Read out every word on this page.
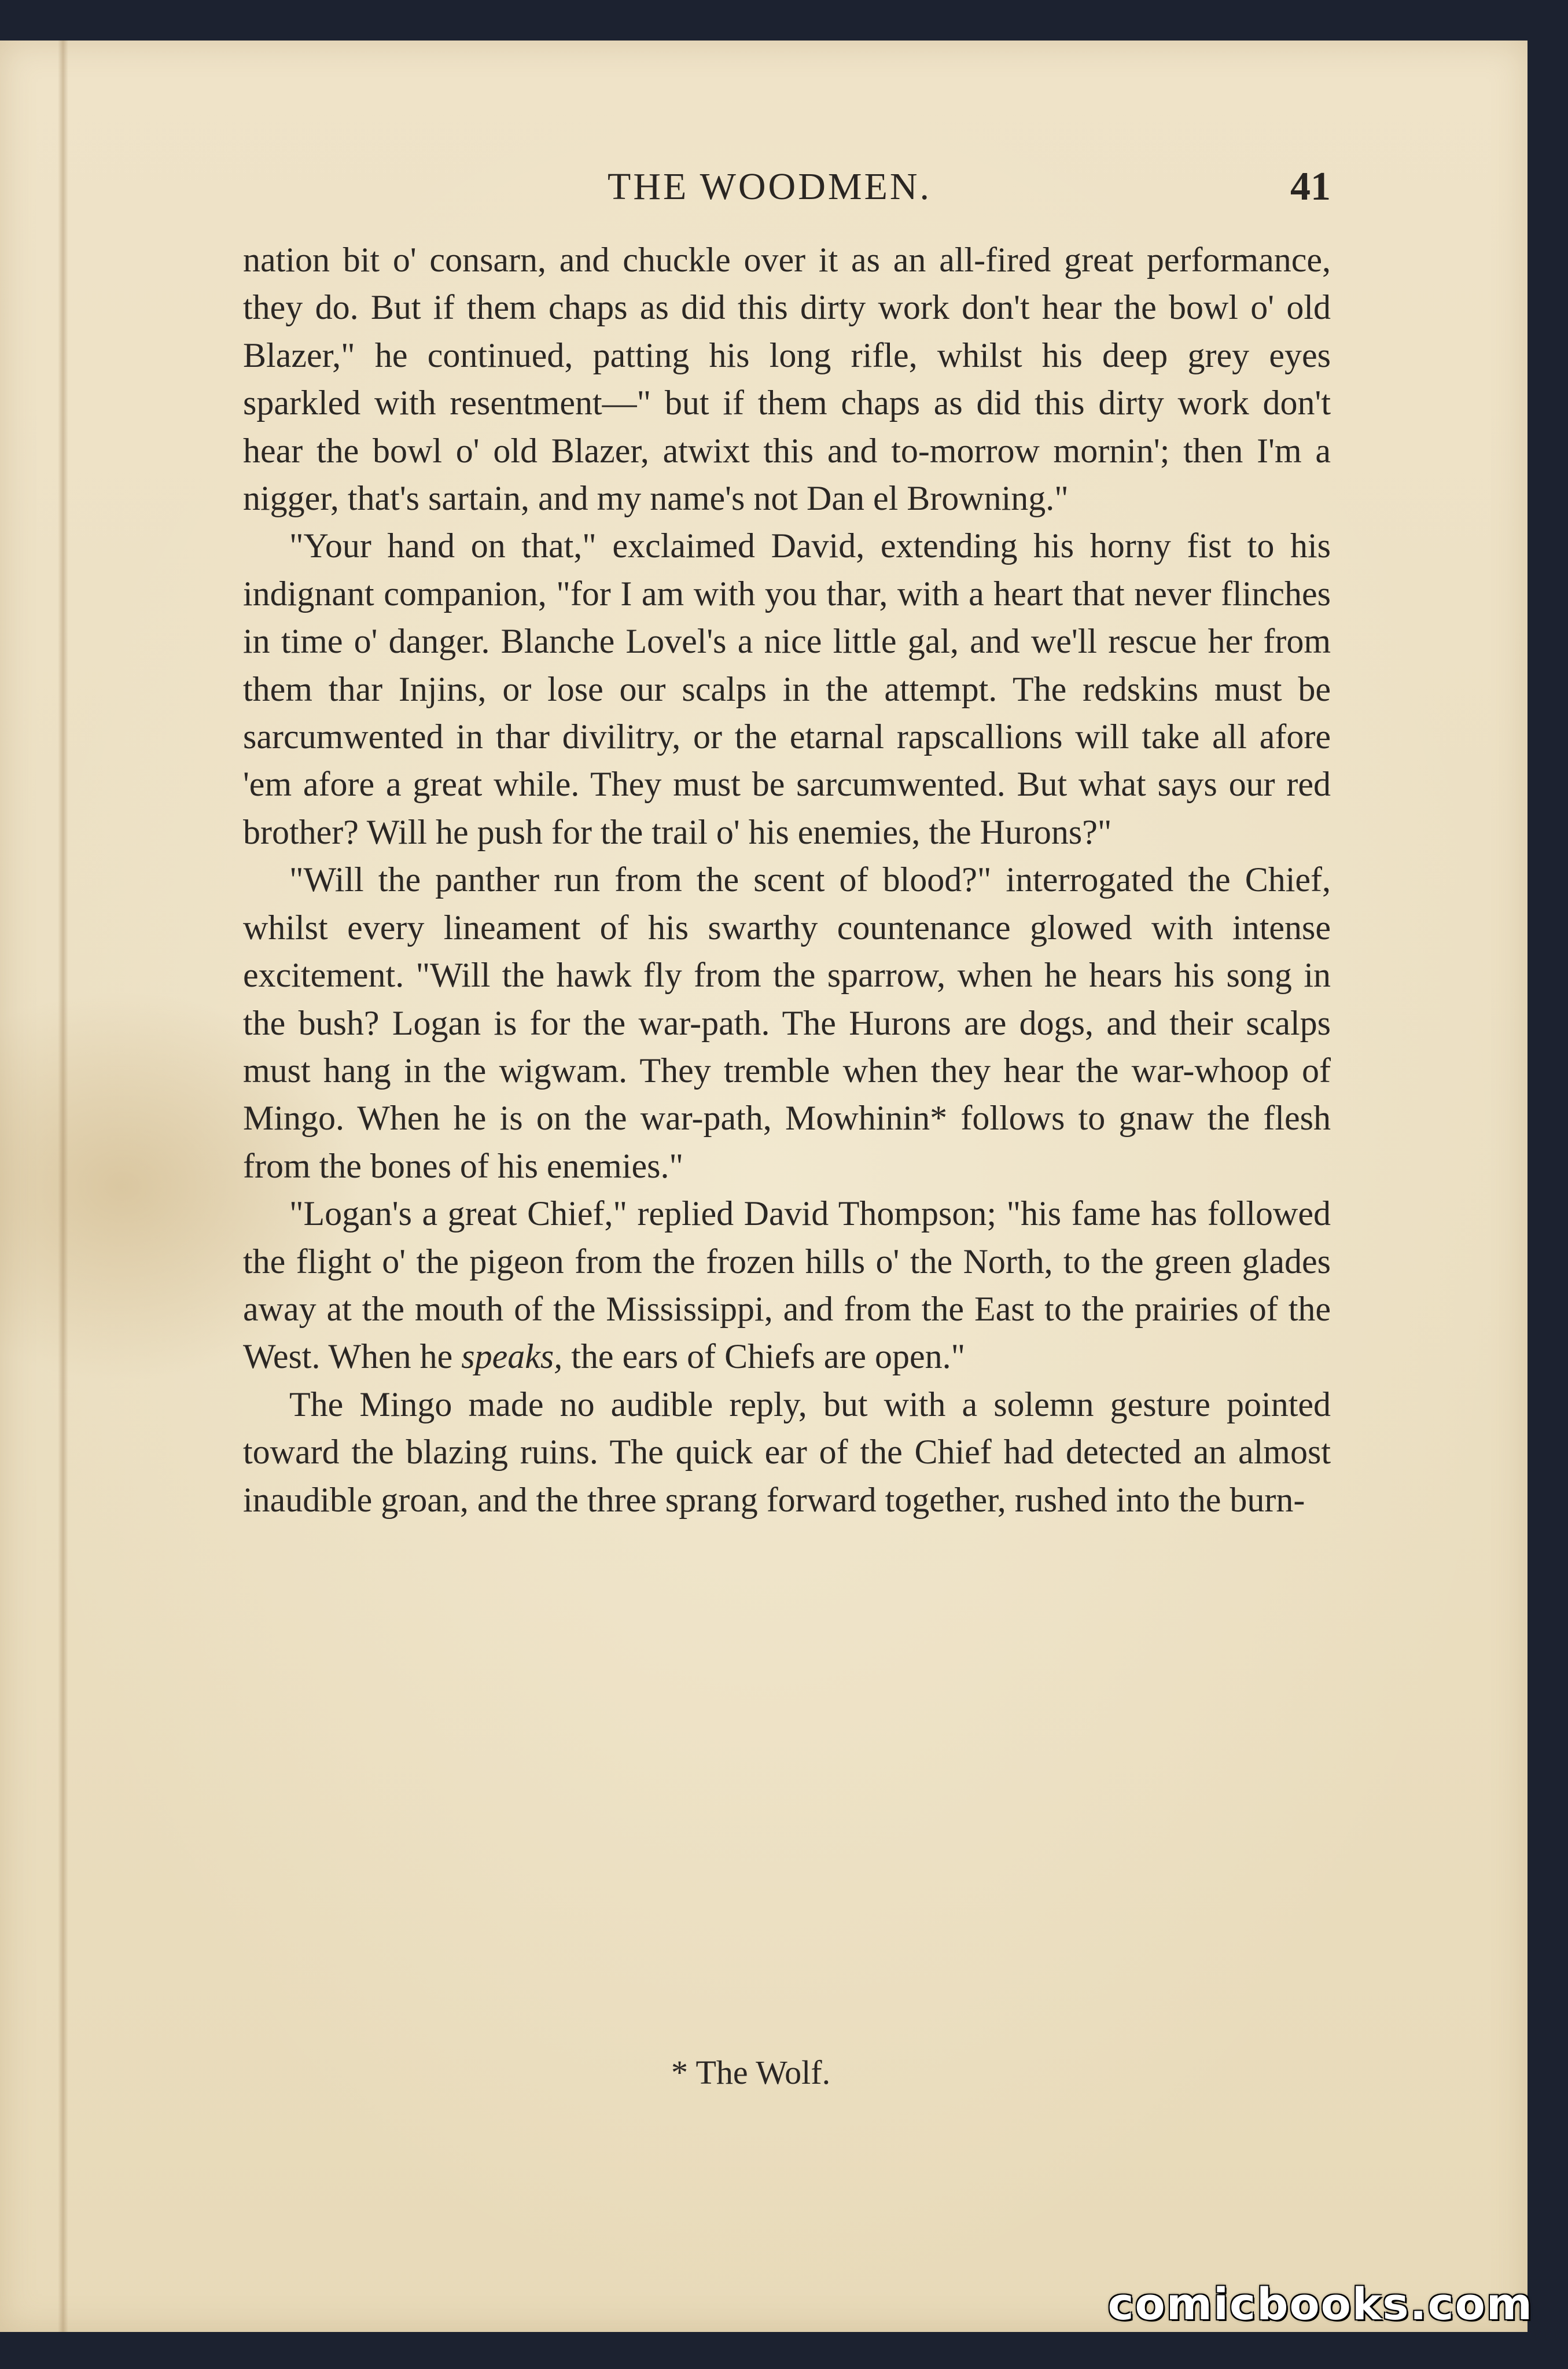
THE WOODMEN.	41

nation bit o' consarn, and chuckle over it as an all-fired great performance, they do. But if them chaps as did this dirty work don't hear the bowl o' old Blazer," he continued, patting his long rifle, whilst his deep grey eyes sparkled with resentment—" but if them chaps as did this dirty work don't hear the bowl o' old Blazer, atwixt this and to-morrow mornin'; then I'm a nigger, that's sartain, and my name's not Dan el Browning."

"Your hand on that," exclaimed David, extending his horny fist to his indignant companion, "for I am with you thar, with a heart that never flinches in time o' danger. Blanche Lovel's a nice little gal, and we'll rescue her from them thar Injins, or lose our scalps in the attempt. The redskins must be sarcumwented in thar divilitry, or the etarnal rapscallions will take all afore 'em afore a great while. They must be sarcumwented. But what says our red brother? Will he push for the trail o' his enemies, the Hurons?"

"Will the panther run from the scent of blood?" interrogated the Chief, whilst every lineament of his swarthy countenance glowed with intense excitement. "Will the hawk fly from the sparrow, when he hears his song in the bush? Logan is for the war-path. The Hurons are dogs, and their scalps must hang in the wigwam. They tremble when they hear the war-whoop of Mingo. When he is on the war-path, Mowhinin* follows to gnaw the flesh from the bones of his enemies."

"Logan's a great Chief," replied David Thompson; "his fame has followed the flight o' the pigeon from the frozen hills o' the North, to the green glades away at the mouth of the Mississippi, and from the East to the prairies of the West. When he speaks, the ears of Chiefs are open."

The Mingo made no audible reply, but with a solemn gesture pointed toward the blazing ruins. The quick ear of the Chief had detected an almost inaudible groan, and the three sprang forward together, rushed into the burn-

* The Wolf.
comicbooks.com
